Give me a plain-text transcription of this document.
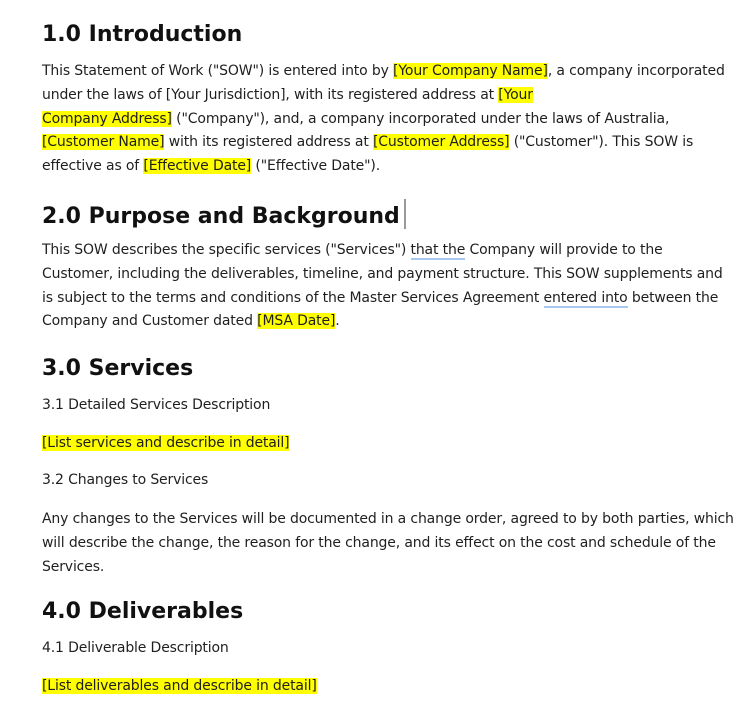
1.0 Introduction

This Statement of Work ("SOW") is entered into by [Your Company Name], a company incorporated under the laws of [Your Jurisdiction], with its registered address at [Your
Company Address] ("Company"), and, a company incorporated under the laws of Australia,
[Customer Name] with its registered address at [Customer Address] ("Customer"). This SOW is effective as of [Effective Date] ("Effective Date").

2.0 Purpose and Background

This SOW describes the specific services ("Services") that the Company will provide to the Customer, including the deliverables, timeline, and payment structure. This SOW supplements and is subject to the terms and conditions of the Master Services Agreement entered into between the Company and Customer dated [MSA Date].

3.0 Services

3.1 Detailed Services Description

[List services and describe in detail]

3.2 Changes to Services

Any changes to the Services will be documented in a change order, agreed to by both parties, which will describe the change, the reason for the change, and its effect on the cost and schedule of the Services.

4.0 Deliverables

4.1 Deliverable Description

[List deliverables and describe in detail]
